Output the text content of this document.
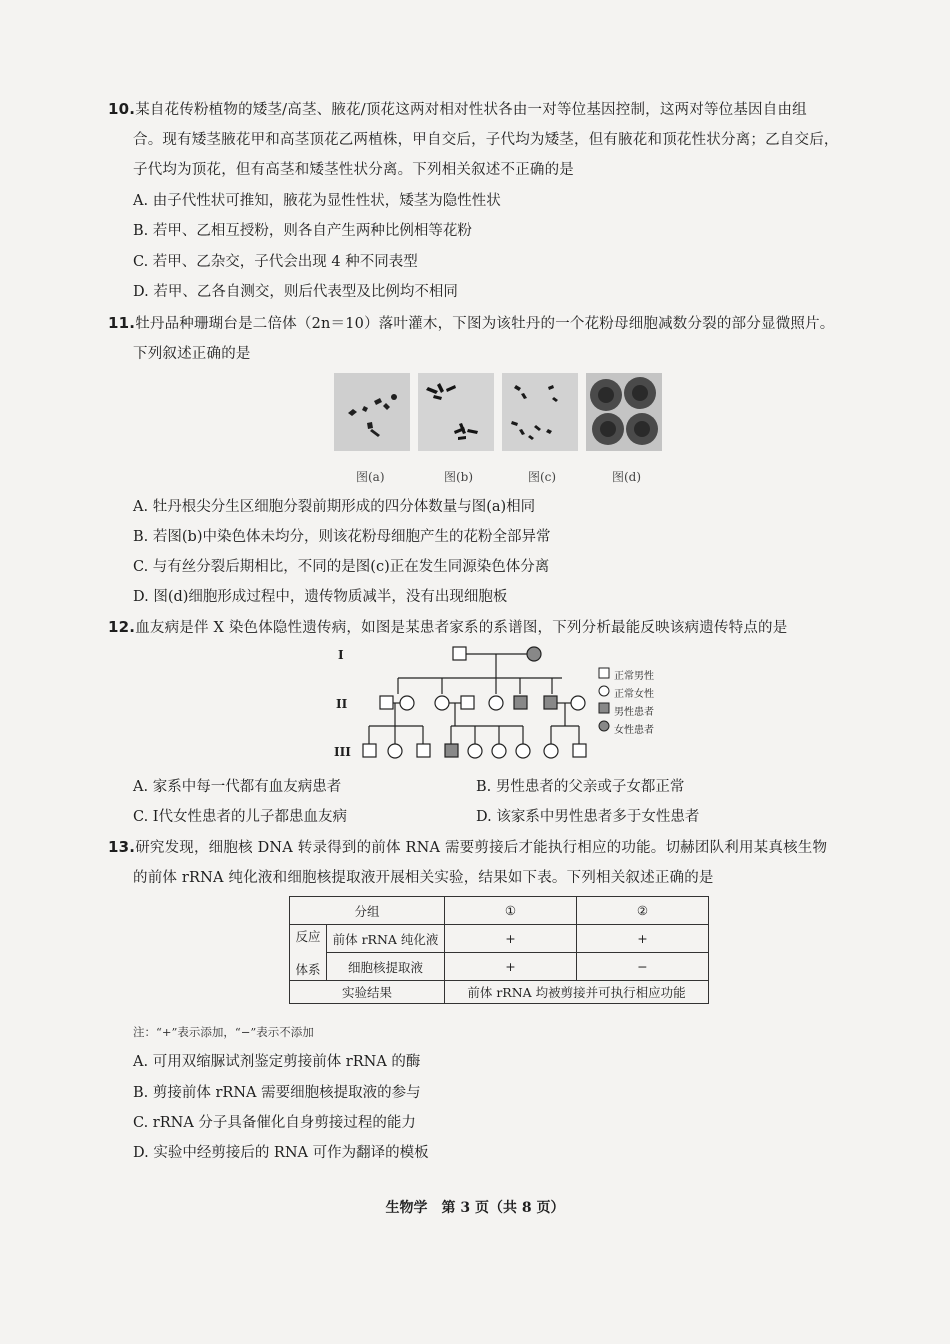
10.某自花传粉植物的矮茎/高茎、腋花/顶花这两对相对性状各由一对等位基因控制，这两对等位基因自由组
合。现有矮茎腋花甲和高茎顶花乙两植株，甲自交后，子代均为矮茎，但有腋花和顶花性状分离；乙自交后，
子代均为顶花，但有高茎和矮茎性状分离。下列相关叙述不正确的是
A. 由子代性状可推知，腋花为显性性状，矮茎为隐性性状
B. 若甲、乙相互授粉，则各自产生两种比例相等花粉
C. 若甲、乙杂交，子代会出现 4 种不同表型
D. 若甲、乙各自测交，则后代表型及比例均不相同
11.牡丹品种珊瑚台是二倍体（2n＝10）落叶灌木，下图为该牡丹的一个花粉母细胞减数分裂的部分显微照片。
下列叙述正确的是
图(a)	图(b)	图(c)	图(d)
A. 牡丹根尖分生区细胞分裂前期形成的四分体数量与图(a)相同
B. 若图(b)中染色体未均分，则该花粉母细胞产生的花粉全部异常
C. 与有丝分裂后期相比，不同的是图(c)正在发生同源染色体分离
D. 图(d)细胞形成过程中，遗传物质减半，没有出现细胞板
12.血友病是伴 X 染色体隐性遗传病，如图是某患者家系的系谱图，下列分析最能反映该病遗传特点的是
I
II
III
正常男性
正常女性
男性患者
女性患者
A. 家系中每一代都有血友病患者	B. 男性患者的父亲或子女都正常
C. Ⅰ代女性患者的儿子都患血友病	D. 该家系中男性患者多于女性患者
13.研究发现，细胞核 DNA 转录得到的前体 RNA 需要剪接后才能执行相应的功能。切赫团队利用某真核生物
的前体 rRNA 纯化液和细胞核提取液开展相关实验，结果如下表。下列相关叙述正确的是
分组		①	②
反应

体系	前体 rRNA 纯化液	+	+
	细胞核提取液	+	−
实验结果		前体 rRNA 均被剪接并可执行相应功能	
注：“+”表示添加，“−”表示不添加
A. 可用双缩脲试剂鉴定剪接前体 rRNA 的酶
B. 剪接前体 rRNA 需要细胞核提取液的参与
C. rRNA 分子具备催化自身剪接过程的能力
D. 实验中经剪接后的 RNA 可作为翻译的模板
生物学　第 3 页（共 8 页）
